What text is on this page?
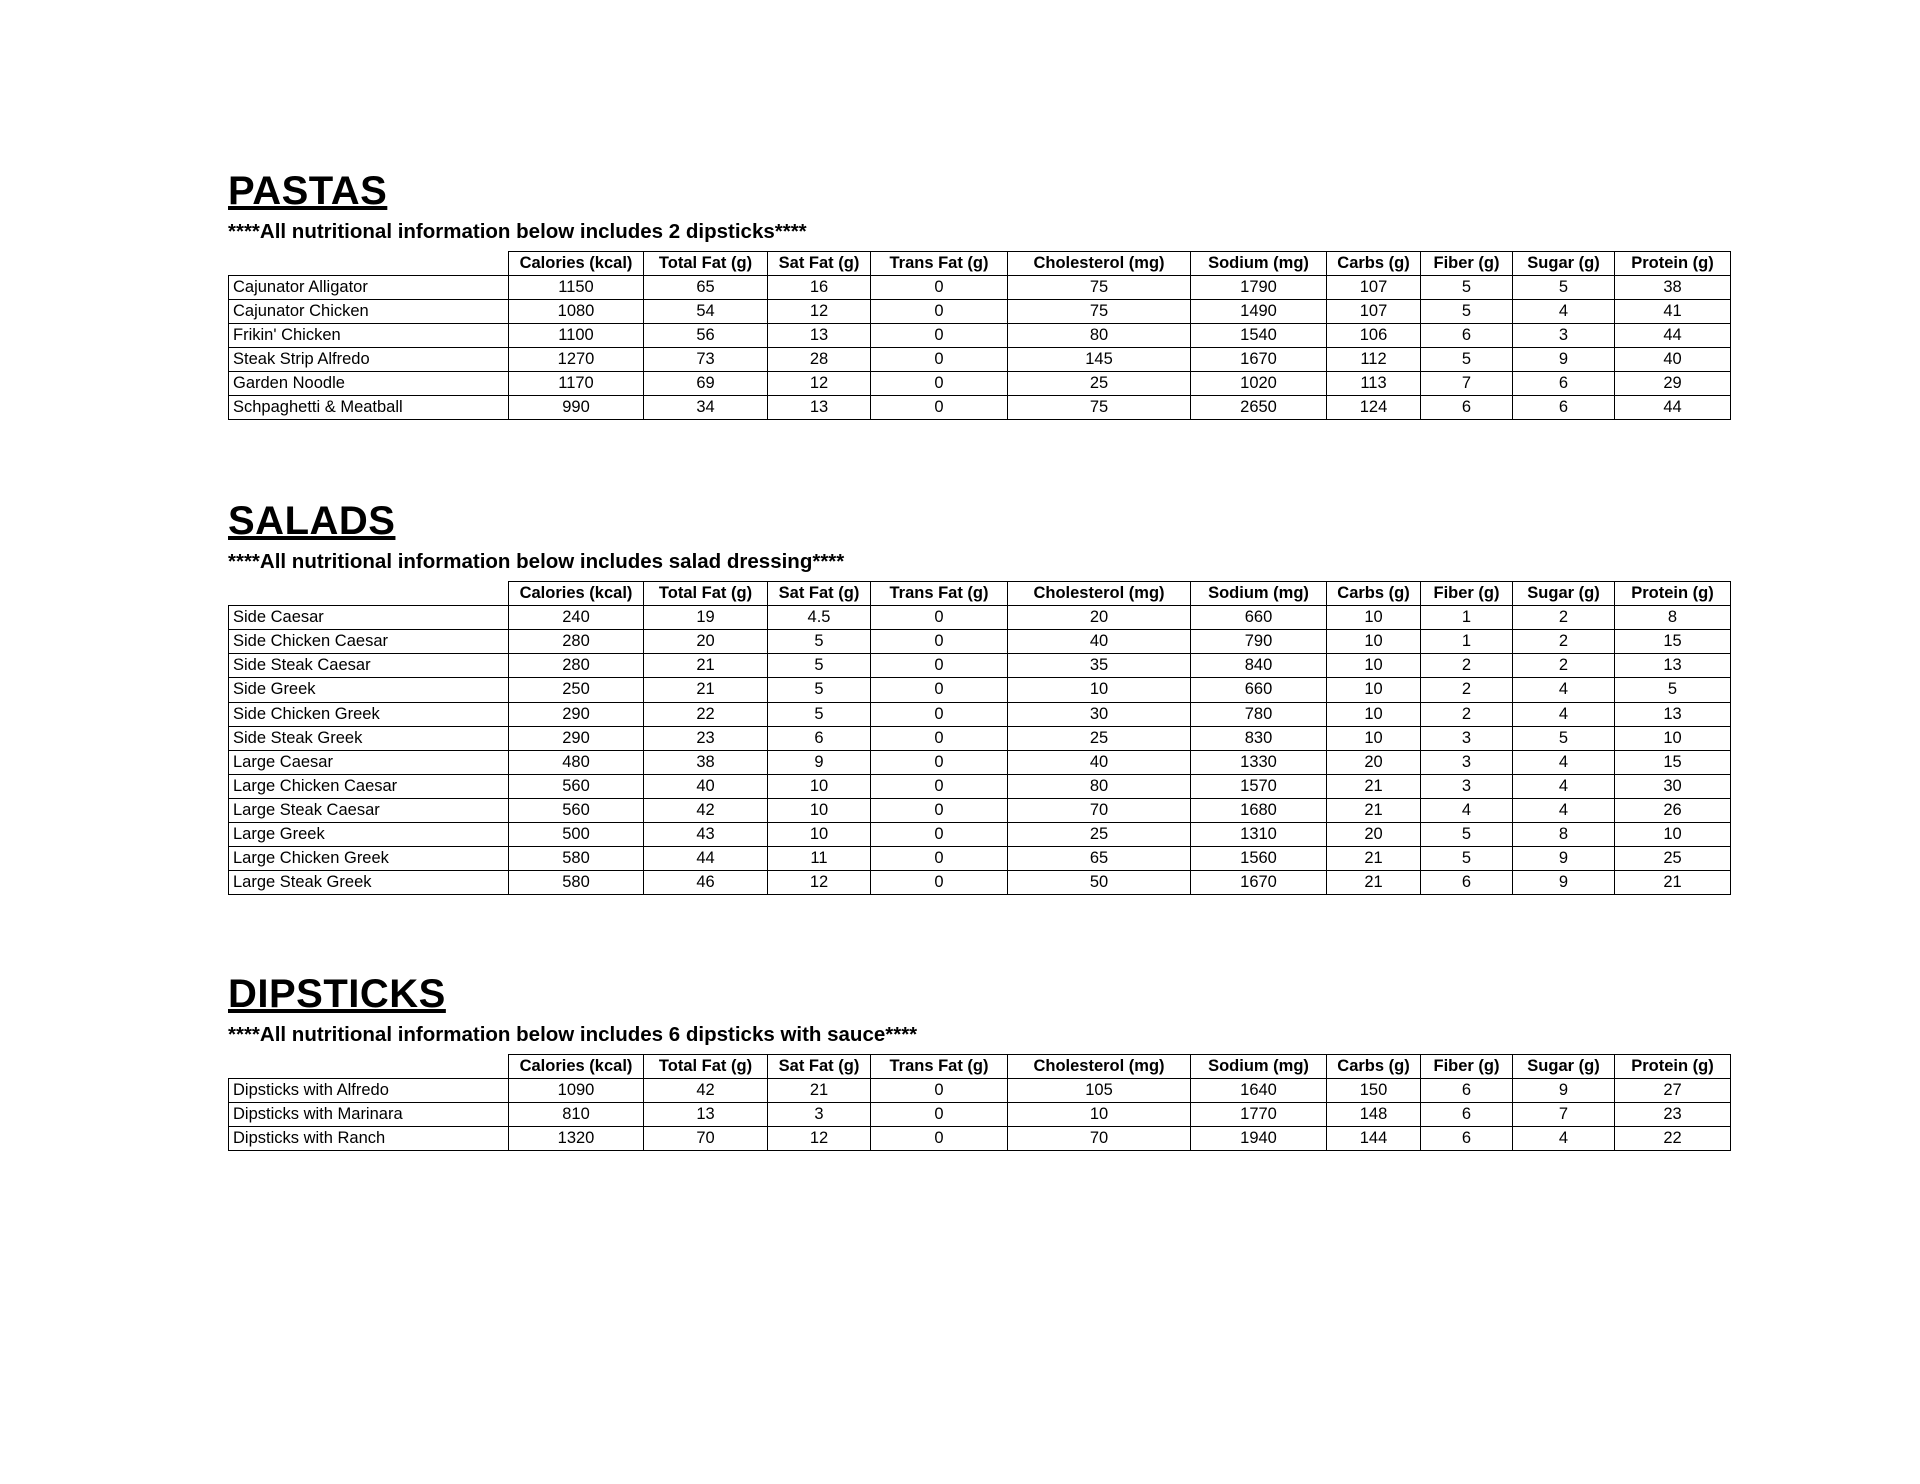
PASTAS
****All nutritional information below includes 2 dipsticks****
	Calories (kcal)	Total Fat (g)	Sat Fat (g)	Trans Fat (g)	Cholesterol (mg)	Sodium (mg)	Carbs (g)	Fiber (g)	Sugar (g)	Protein (g)
Cajunator Alligator	1150	65	16	0	75	1790	107	5	5	38
Cajunator Chicken	1080	54	12	0	75	1490	107	5	4	41
Frikin' Chicken	1100	56	13	0	80	1540	106	6	3	44
Steak Strip Alfredo	1270	73	28	0	145	1670	112	5	9	40
Garden Noodle	1170	69	12	0	25	1020	113	7	6	29
Schpaghetti & Meatball	990	34	13	0	75	2650	124	6	6	44
SALADS
****All nutritional information below includes salad dressing****
	Calories (kcal)	Total Fat (g)	Sat Fat (g)	Trans Fat (g)	Cholesterol (mg)	Sodium (mg)	Carbs (g)	Fiber (g)	Sugar (g)	Protein (g)
Side Caesar	240	19	4.5	0	20	660	10	1	2	8
Side Chicken Caesar	280	20	5	0	40	790	10	1	2	15
Side Steak Caesar	280	21	5	0	35	840	10	2	2	13
Side Greek	250	21	5	0	10	660	10	2	4	5
Side Chicken Greek	290	22	5	0	30	780	10	2	4	13
Side Steak Greek	290	23	6	0	25	830	10	3	5	10
Large Caesar	480	38	9	0	40	1330	20	3	4	15
Large Chicken Caesar	560	40	10	0	80	1570	21	3	4	30
Large Steak Caesar	560	42	10	0	70	1680	21	4	4	26
Large Greek	500	43	10	0	25	1310	20	5	8	10
Large Chicken Greek	580	44	11	0	65	1560	21	5	9	25
Large Steak Greek	580	46	12	0	50	1670	21	6	9	21
DIPSTICKS
****All nutritional information below includes 6 dipsticks with sauce****
	Calories (kcal)	Total Fat (g)	Sat Fat (g)	Trans Fat (g)	Cholesterol (mg)	Sodium (mg)	Carbs (g)	Fiber (g)	Sugar (g)	Protein (g)
Dipsticks with Alfredo	1090	42	21	0	105	1640	150	6	9	27
Dipsticks with Marinara	810	13	3	0	10	1770	148	6	7	23
Dipsticks with Ranch	1320	70	12	0	70	1940	144	6	4	22
